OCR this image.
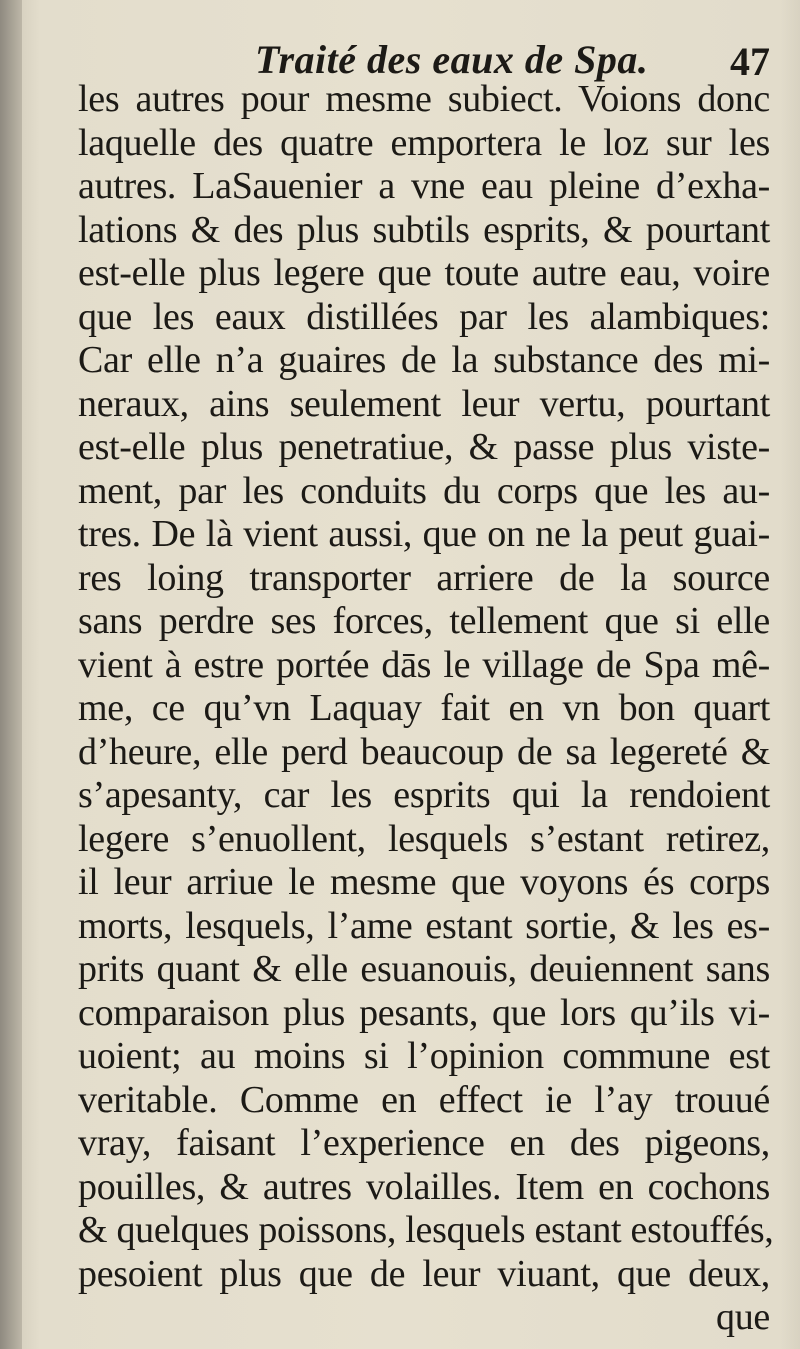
Traité des eaux de Spa. 47
les autres pour mesme subiect. Voions donc
laquelle des quatre emportera le loz sur les
autres. LaSauenier a vne eau pleine d’exha-
lations & des plus subtils esprits, & pourtant
est-elle plus legere que toute autre eau, voire
que les eaux distillées par les alambiques:
Car elle n’a guaires de la substance des mi-
neraux, ains seulement leur vertu, pourtant
est-elle plus penetratiue, & passe plus viste-
ment, par les conduits du corps que les au-
tres. De là vient aussi, que on ne la peut guai-
res loing transporter arriere de la source
sans perdre ses forces, tellement que si elle
vient à estre portée dās le village de Spa mê-
me, ce qu’vn Laquay fait en vn bon quart
d’heure, elle perd beaucoup de sa legereté &
s’apesanty, car les esprits qui la rendoient
legere s’enuollent, lesquels s’estant retirez,
il leur arriue le mesme que voyons és corps
morts, lesquels, l’ame estant sortie, & les es-
prits quant & elle esuanouis, deuiennent sans
comparaison plus pesants, que lors qu’ils vi-
uoient; au moins si l’opinion commune est
veritable. Comme en effect ie l’ay trouué
vray, faisant l’experience en des pigeons,
pouilles, & autres volailles. Item en cochons
& quelques poissons, lesquels estant estouffés,
pesoient plus que de leur viuant, que deux,
que
